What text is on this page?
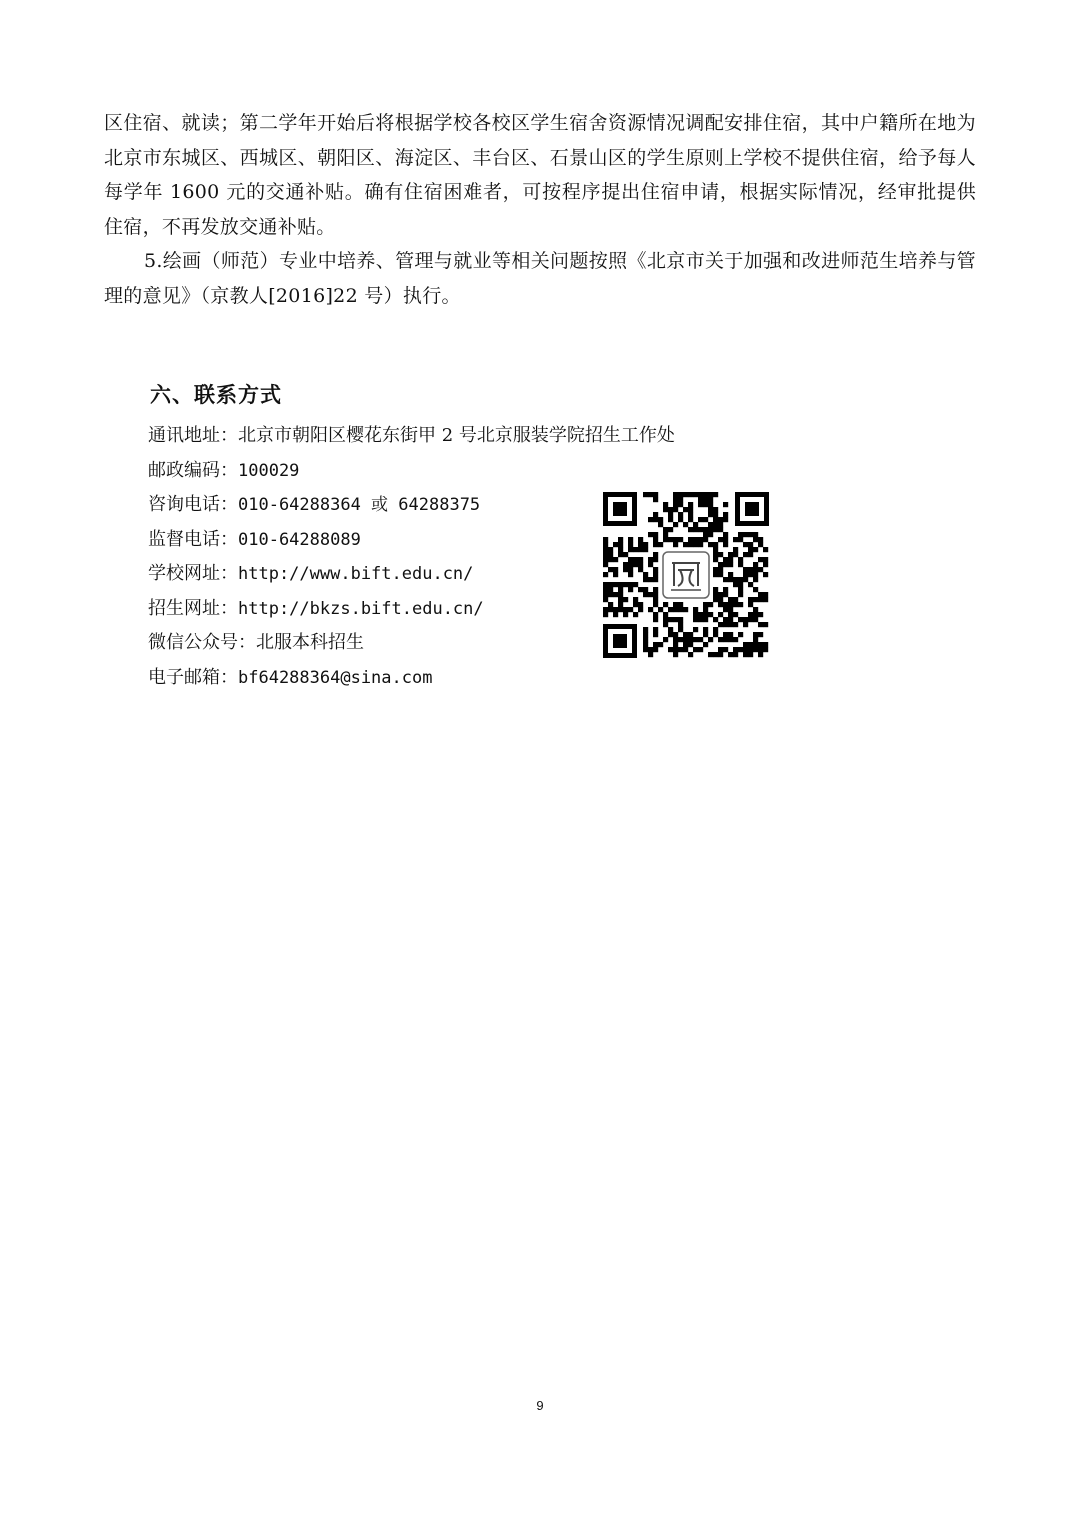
区住宿、就读；第二学年开始后将根据学校各校区学生宿舍资源情况调配安排住宿，其中户籍所在地为北京市东城区、西城区、朝阳区、海淀区、丰台区、石景山区的学生原则上学校不提供住宿，给予每人每学年 1600 元的交通补贴。确有住宿困难者，可按程序提出住宿申请，根据实际情况，经审批提供住宿，不再发放交通补贴。

5.绘画（师范）专业中培养、管理与就业等相关问题按照《北京市关于加强和改进师范生培养与管理的意见》（京教人[2016]22 号）执行。

六、联系方式
通讯地址：北京市朝阳区樱花东街甲 2 号北京服装学院招生工作处
邮政编码：100029
咨询电话：010-64288364 或 64288375
监督电话：010-64288089
学校网址：http://www.bift.edu.cn/
招生网址：http://bkzs.bift.edu.cn/
微信公众号：北服本科招生
电子邮箱：bf64288364@sina.com

9
